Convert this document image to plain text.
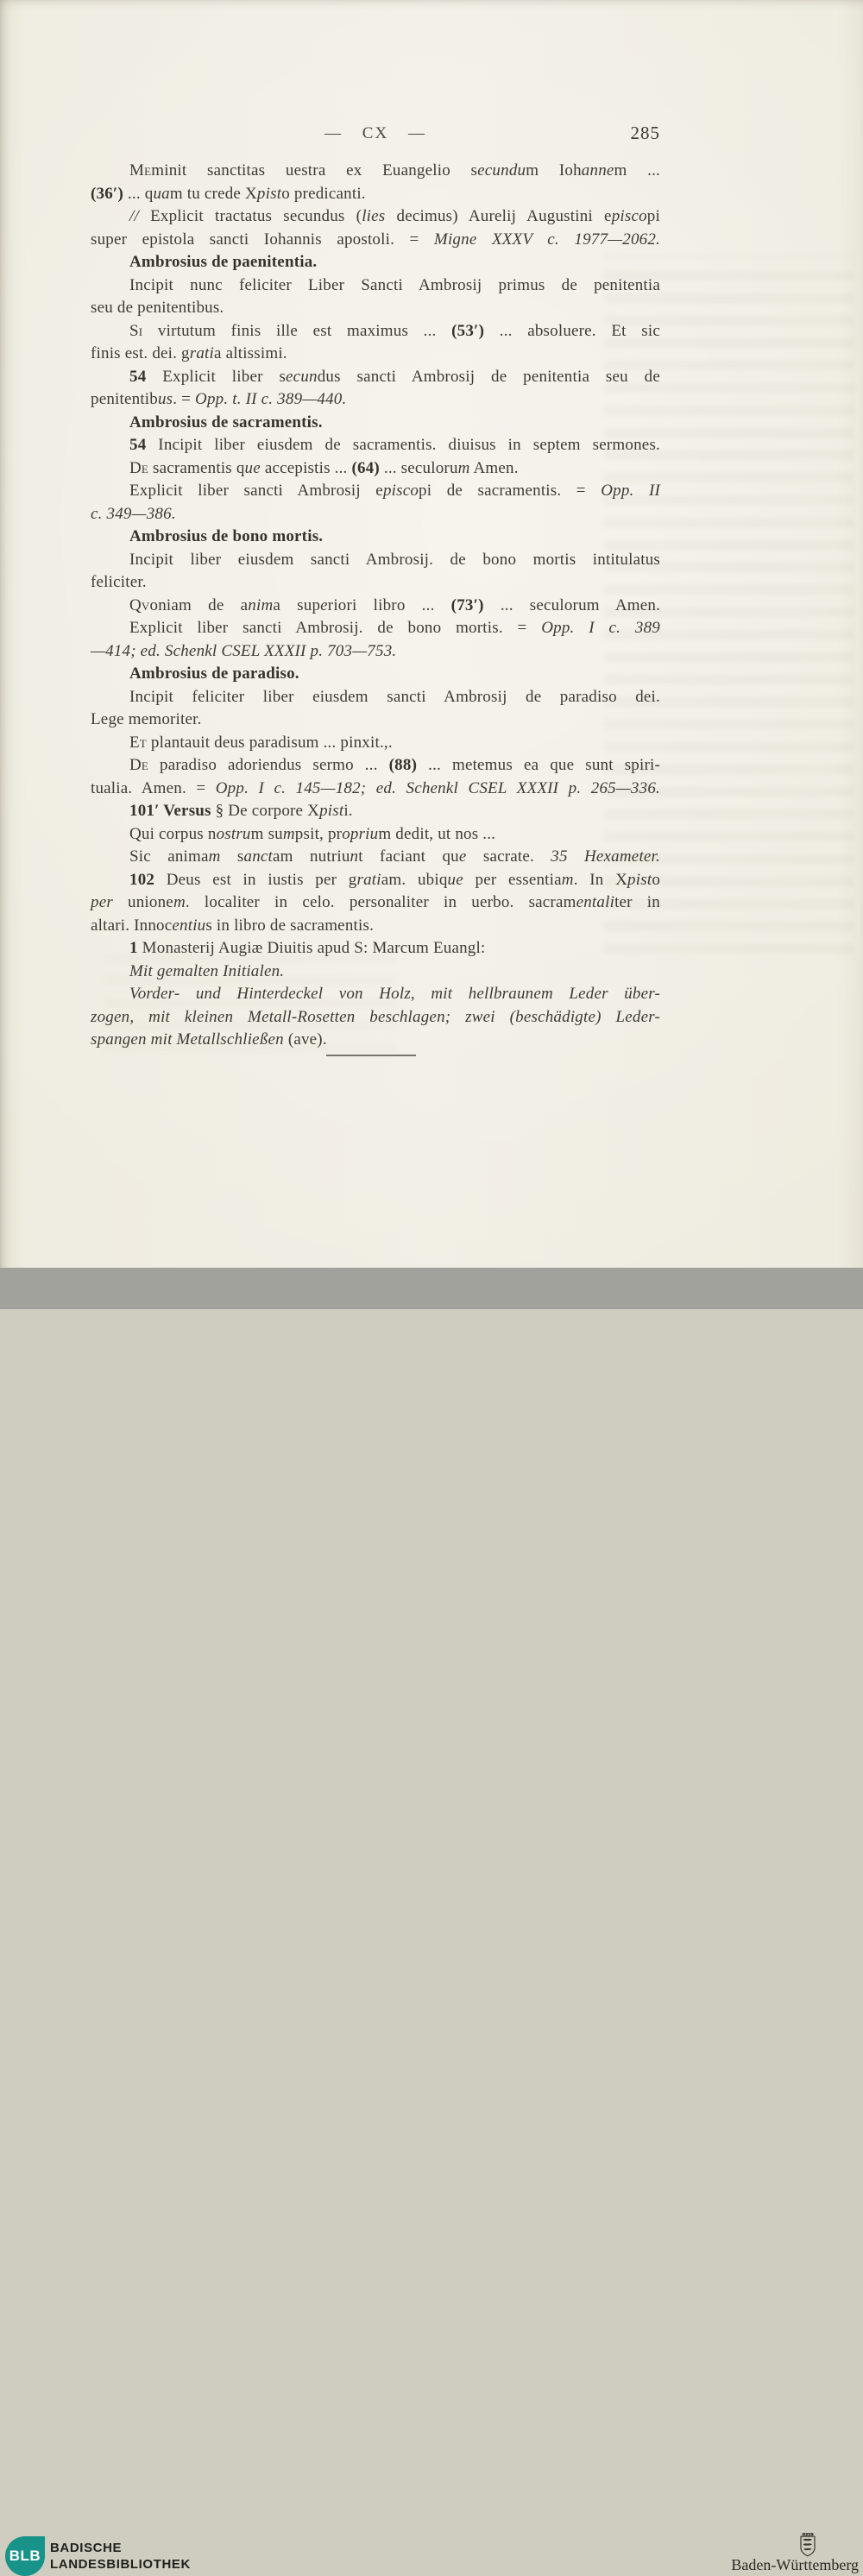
— CX —	285
Meminit sanctitas uestra ex Euangelio secundum Iohannem ...
(36′) ... quam tu crede Xpisto predicanti.
// Explicit tractatus secundus (lies decimus) Aurelij Augustini episcopi
super epistola sancti Iohannis apostoli. = Migne XXXV c. 1977—2062.
Ambrosius de paenitentia.
Incipit nunc feliciter Liber Sancti Ambrosij primus de penitentia
seu de penitentibus.
Si virtutum finis ille est maximus ... (53′) ... absoluere. Et sic
finis est. dei. gratia altissimi.
54 Explicit liber secundus sancti Ambrosij de penitentia seu de
penitentibus. = Opp. t. II c. 389—440.
Ambrosius de sacramentis.
54 Incipit liber eiusdem de sacramentis. diuisus in septem sermones.
De sacramentis que accepistis ... (64) ... seculorum Amen.
Explicit liber sancti Ambrosij episcopi de sacramentis. = Opp. II
c. 349—386.
Ambrosius de bono mortis.
Incipit liber eiusdem sancti Ambrosij. de bono mortis intitulatus
feliciter.
Qvoniam de anima superiori libro ... (73′) ... seculorum Amen.
Explicit liber sancti Ambrosij. de bono mortis. = Opp. I c. 389
—414; ed. Schenkl CSEL XXXII p. 703—753.
Ambrosius de paradiso.
Incipit feliciter liber eiusdem sancti Ambrosij de paradiso dei.
Lege memoriter.
Et plantauit deus paradisum ... pinxit.,.
De paradiso adoriendus sermo ... (88) ... metemus ea que sunt spiri-
tualia. Amen. = Opp. I c. 145—182; ed. Schenkl CSEL XXXII p. 265—336.
101′ Versus § De corpore Xpisti.
Qui corpus nostrum sumpsit, proprium dedit, ut nos ...
Sic animam sanctam nutriunt faciant que sacrate. 35 Hexameter.
102 Deus est in iustis per gratiam. ubique per essentiam. In Xpisto
per unionem. localiter in celo. personaliter in uerbo. sacramentaliter in
altari. Innocentius in libro de sacramentis.
1 Monasterij Augiæ Diuitis apud S: Marcum Euangl:
Mit gemalten Initialen.
Vorder- und Hinterdeckel von Holz, mit hellbraunem Leder über-
zogen, mit kleinen Metall-Rosetten beschlagen; zwei (beschädigte) Leder-
spangen mit Metallschließen (ave).
BLB BADISCHE
LANDESBIBLIOTHEK	Baden-Württemberg
